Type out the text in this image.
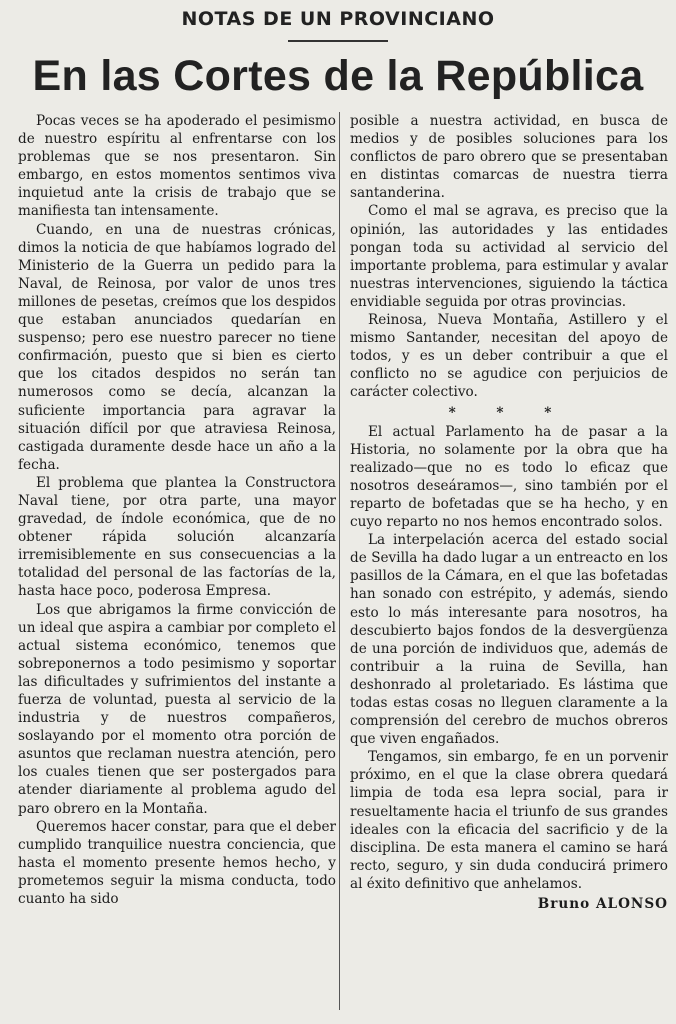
NOTAS DE UN PROVINCIANO
En las Cortes de la República

Pocas veces se ha apoderado el pesimismo de nuestro espíritu al enfrentarse con los problemas que se nos presentaron. Sin embargo, en estos momentos sentimos viva inquietud ante la crisis de trabajo que se manifiesta tan intensamente.

Cuando, en una de nuestras crónicas, dimos la noticia de que habíamos logrado del Ministerio de la Guerra un pedido para la Naval, de Reinosa, por valor de unos tres millones de pesetas, creímos que los despidos que estaban anunciados quedarían en suspenso; pero ese nuestro parecer no tiene confirmación, puesto que si bien es cierto que los citados despidos no serán tan numerosos como se decía, alcanzan la suficiente importancia para agravar la situación difícil por que atraviesa Reinosa, castigada duramente desde hace un año a la fecha.

El problema que plantea la Constructora Naval tiene, por otra parte, una mayor gravedad, de índole económica, que de no obtener rápida solución alcanzaría irremisiblemente en sus consecuencias a la totalidad del personal de las factorías de la, hasta hace poco, poderosa Empresa.

Los que abrigamos la firme convicción de un ideal que aspira a cambiar por completo el actual sistema económico, tenemos que sobreponernos a todo pesimismo y soportar las dificultades y sufrimientos del instante a fuerza de voluntad, puesta al servicio de la industria y de nuestros compañeros, soslayando por el momento otra porción de asuntos que reclaman nuestra atención, pero los cuales tienen que ser postergados para atender diariamente al problema agudo del paro obrero en la Montaña.

Queremos hacer constar, para que el deber cumplido tranquilice nuestra conciencia, que hasta el momento presente hemos hecho, y prometemos seguir la misma conducta, todo cuanto ha sido

posible a nuestra actividad, en busca de medios y de posibles soluciones para los conflictos de paro obrero que se presentaban en distintas comarcas de nuestra tierra santanderina.

Como el mal se agrava, es preciso que la opinión, las autoridades y las entidades pongan toda su actividad al servicio del importante problema, para estimular y avalar nuestras intervenciones, siguiendo la táctica envidiable seguida por otras provincias.

Reinosa, Nueva Montaña, Astillero y el mismo Santander, necesitan del apoyo de todos, y es un deber contribuir a que el conflicto no se agudice con perjuicios de carácter colectivo.

* * *

El actual Parlamento ha de pasar a la Historia, no solamente por la obra que ha realizado—que no es todo lo eficaz que nosotros deseáramos—, sino también por el reparto de bofetadas que se ha hecho, y en cuyo reparto no nos hemos encontrado solos.

La interpelación acerca del estado social de Sevilla ha dado lugar a un entreacto en los pasillos de la Cámara, en el que las bofetadas han sonado con estrépito, y además, siendo esto lo más interesante para nosotros, ha descubierto bajos fondos de la desvergüenza de una porción de individuos que, además de contribuir a la ruina de Sevilla, han deshonrado al proletariado. Es lástima que todas estas cosas no lleguen claramente a la comprensión del cerebro de muchos obreros que viven engañados.

Tengamos, sin embargo, fe en un porvenir próximo, en el que la clase obrera quedará limpia de toda esa lepra social, para ir resueltamente hacia el triunfo de sus grandes ideales con la eficacia del sacrificio y de la disciplina. De esta manera el camino se hará recto, seguro, y sin duda conducirá primero al éxito definitivo que anhelamos.

Bruno ALONSO
